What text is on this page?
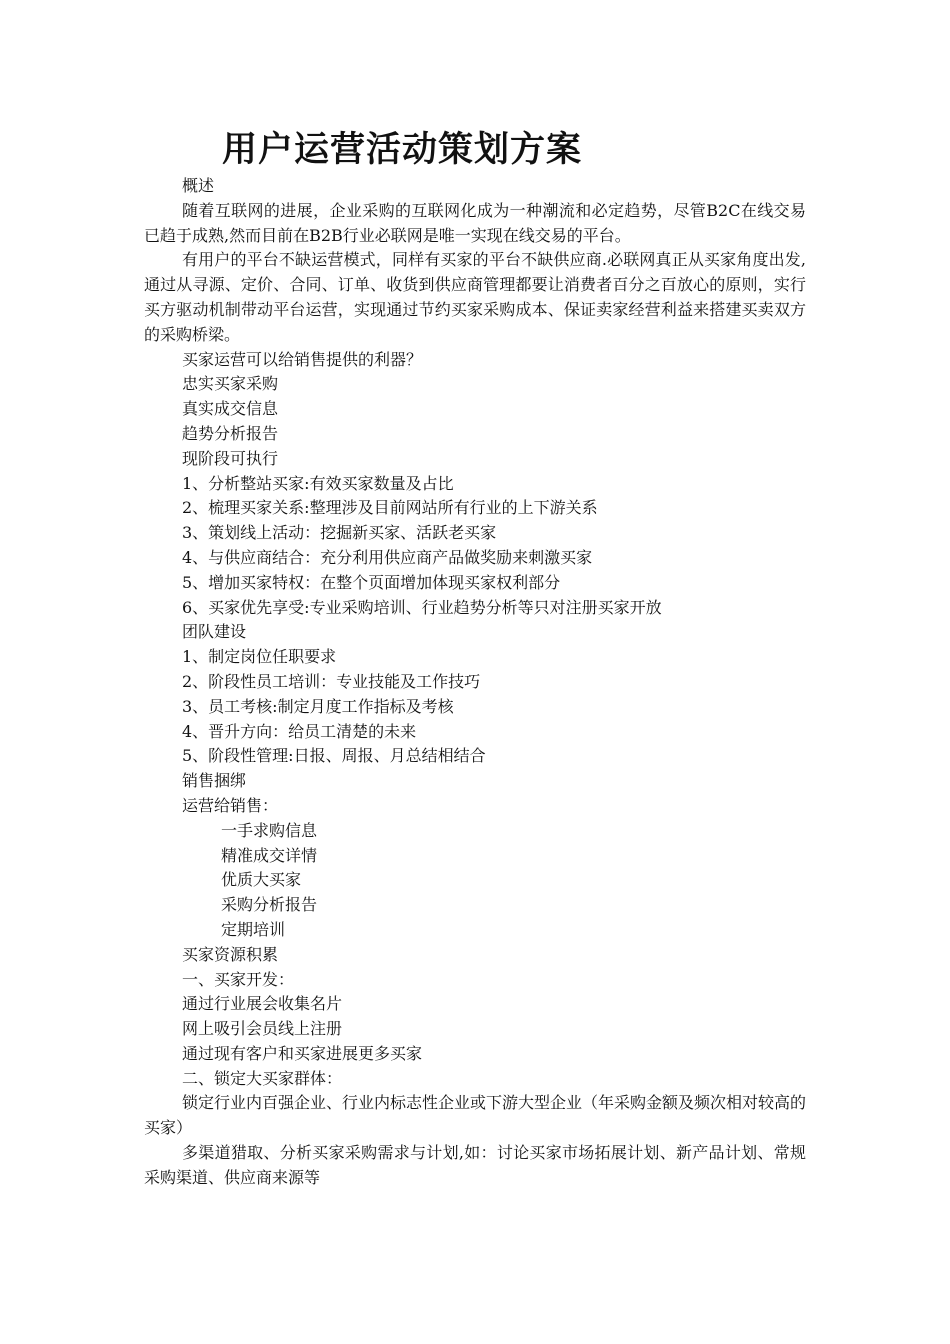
用户运营活动策划方案

概述

随着互联网的进展，企业采购的互联网化成为一种潮流和必定趋势，尽管B2C在线交易已趋于成熟,然而目前在B2B行业必联网是唯一实现在线交易的平台。

有用户的平台不缺运营模式，同样有买家的平台不缺供应商.必联网真正从买家角度出发,通过从寻源、定价、合同、订单、收货到供应商管理都要让消费者百分之百放心的原则，实行买方驱动机制带动平台运营，实现通过节约买家采购成本、保证卖家经营利益来搭建买卖双方的采购桥梁。

买家运营可以给销售提供的利器？

忠实买家采购

真实成交信息

趋势分析报告

现阶段可执行

1、分析整站买家:有效买家数量及占比

2、梳理买家关系:整理涉及目前网站所有行业的上下游关系

3、策划线上活动：挖掘新买家、活跃老买家

4、与供应商结合：充分利用供应商产品做奖励来刺激买家

5、增加买家特权：在整个页面增加体现买家权利部分

6、买家优先享受:专业采购培训、行业趋势分析等只对注册买家开放

团队建设

1、制定岗位任职要求

2、阶段性员工培训：专业技能及工作技巧

3、员工考核:制定月度工作指标及考核

4、晋升方向：给员工清楚的未来

5、阶段性管理:日报、周报、月总结相结合

销售捆绑

运营给销售：

一手求购信息

精准成交详情

优质大买家

采购分析报告

定期培训

买家资源积累

一、买家开发：

通过行业展会收集名片

网上吸引会员线上注册

通过现有客户和买家进展更多买家

二、锁定大买家群体：

锁定行业内百强企业、行业内标志性企业或下游大型企业（年采购金额及频次相对较高的买家）

多渠道猎取、分析买家采购需求与计划,如：讨论买家市场拓展计划、新产品计划、常规采购渠道、供应商来源等
